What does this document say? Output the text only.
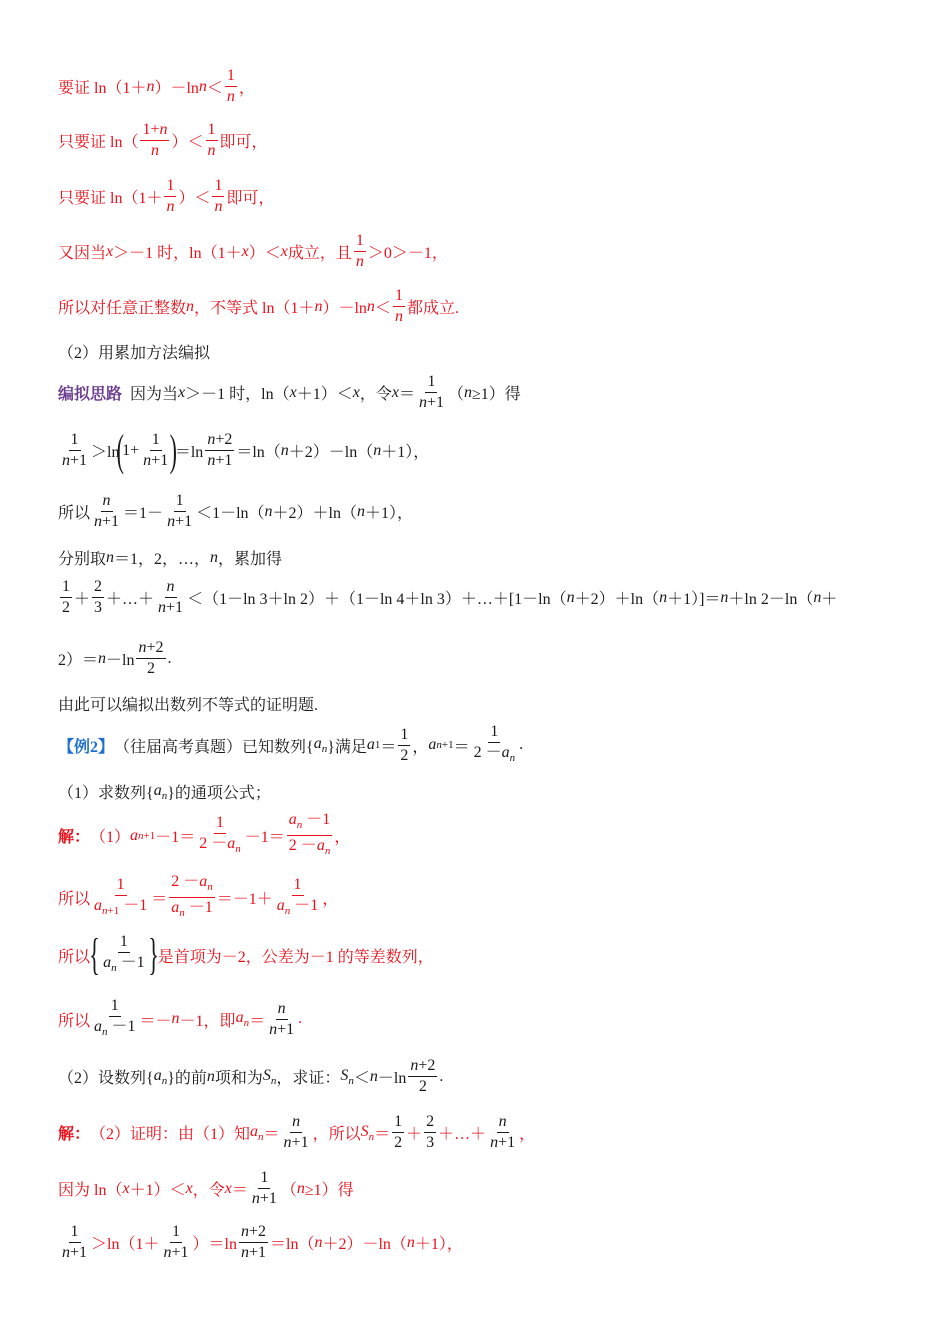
要证 ln（1＋ n ）－ln n ＜
1
n ，
只要证 ln（
1+n
n ）＜
1
n 即可，
只要证 ln（1＋
1
n ）＜
1
n 即可，
又因当 x ＞－1 时，ln（1＋ x ）＜ x 成立，且
1
n ＞0＞－1，
所以对任意正整数 n ，不等式 ln（1＋ n ）－ln n ＜
1
n 都成立.
（2）用累加方法编拟
编拟思路 因为当 x ＞－1 时，ln（ x ＋1）＜ x ，令 x ＝
1
n+1 （ n ≥1）得
1
n+1 ＞ln
(
1+
1
n+1 )
＝ln
n+2
n+1 ＝ln（ n ＋2）－ln（ n ＋1），
所以
n
n+1 ＝1－
1
n+1 ＜1－ln（ n ＋2）＋ln（ n ＋1），
分别取 n ＝1，2，…， n ，累加得
1
2 ＋
2
3 ＋…＋
n
n+1 ＜（1－ln 3＋ln 2）＋（1－ln 4＋ln 3）＋…＋[1－ln（ n ＋2）＋ln（ n ＋1）]＝ n ＋ln 2－ln（ n ＋
2）＝ n －ln
n+2
2
.
由此可以编拟出数列不等式的证明题.
【例2】 （往届高考真题）已知数列{ $a_n$ }满足 a 1 ＝
1
2 ， a n+1 ＝
1
$2 -a_n$
.
（1）求数列{ $a_n$ }的通项公式；
解： （1） a n+1 －1＝
1
$2 -a_n$
－1＝
$a_n -1$
$2 -a_n$
，
所以
1
$a_{n+1} -1$ ＝
$2 -a_n$
$a_n -1 =-1+$
1
$a_n -1$ ，
所以 { 1
$a_n -1$ } 是首项为－2，公差为－1 的等差数列，
所以
1
$a_n -1 =- n -1$，即 $a_n$ ＝
n
n+1
.
（2）设数列{ $a_n$ }的前 n 项和为 $S_n$ ，求证： $S_n < n -\ln$
n+2
2
.
解： （2）证明：由（1）知 $a_n$ ＝
n
n+1 ，所以 $S_n$ ＝
1
2 ＋
2
3 ＋…＋
n
n+1 ，
因为 ln（ x ＋1）＜ x ，令 x ＝
1
n+1 （ n ≥1）得
1
n+1 ＞ln（1＋
1
n+1 ）＝ln
n+2
n+1 ＝ln（ n ＋2）－ln（ n ＋1），
